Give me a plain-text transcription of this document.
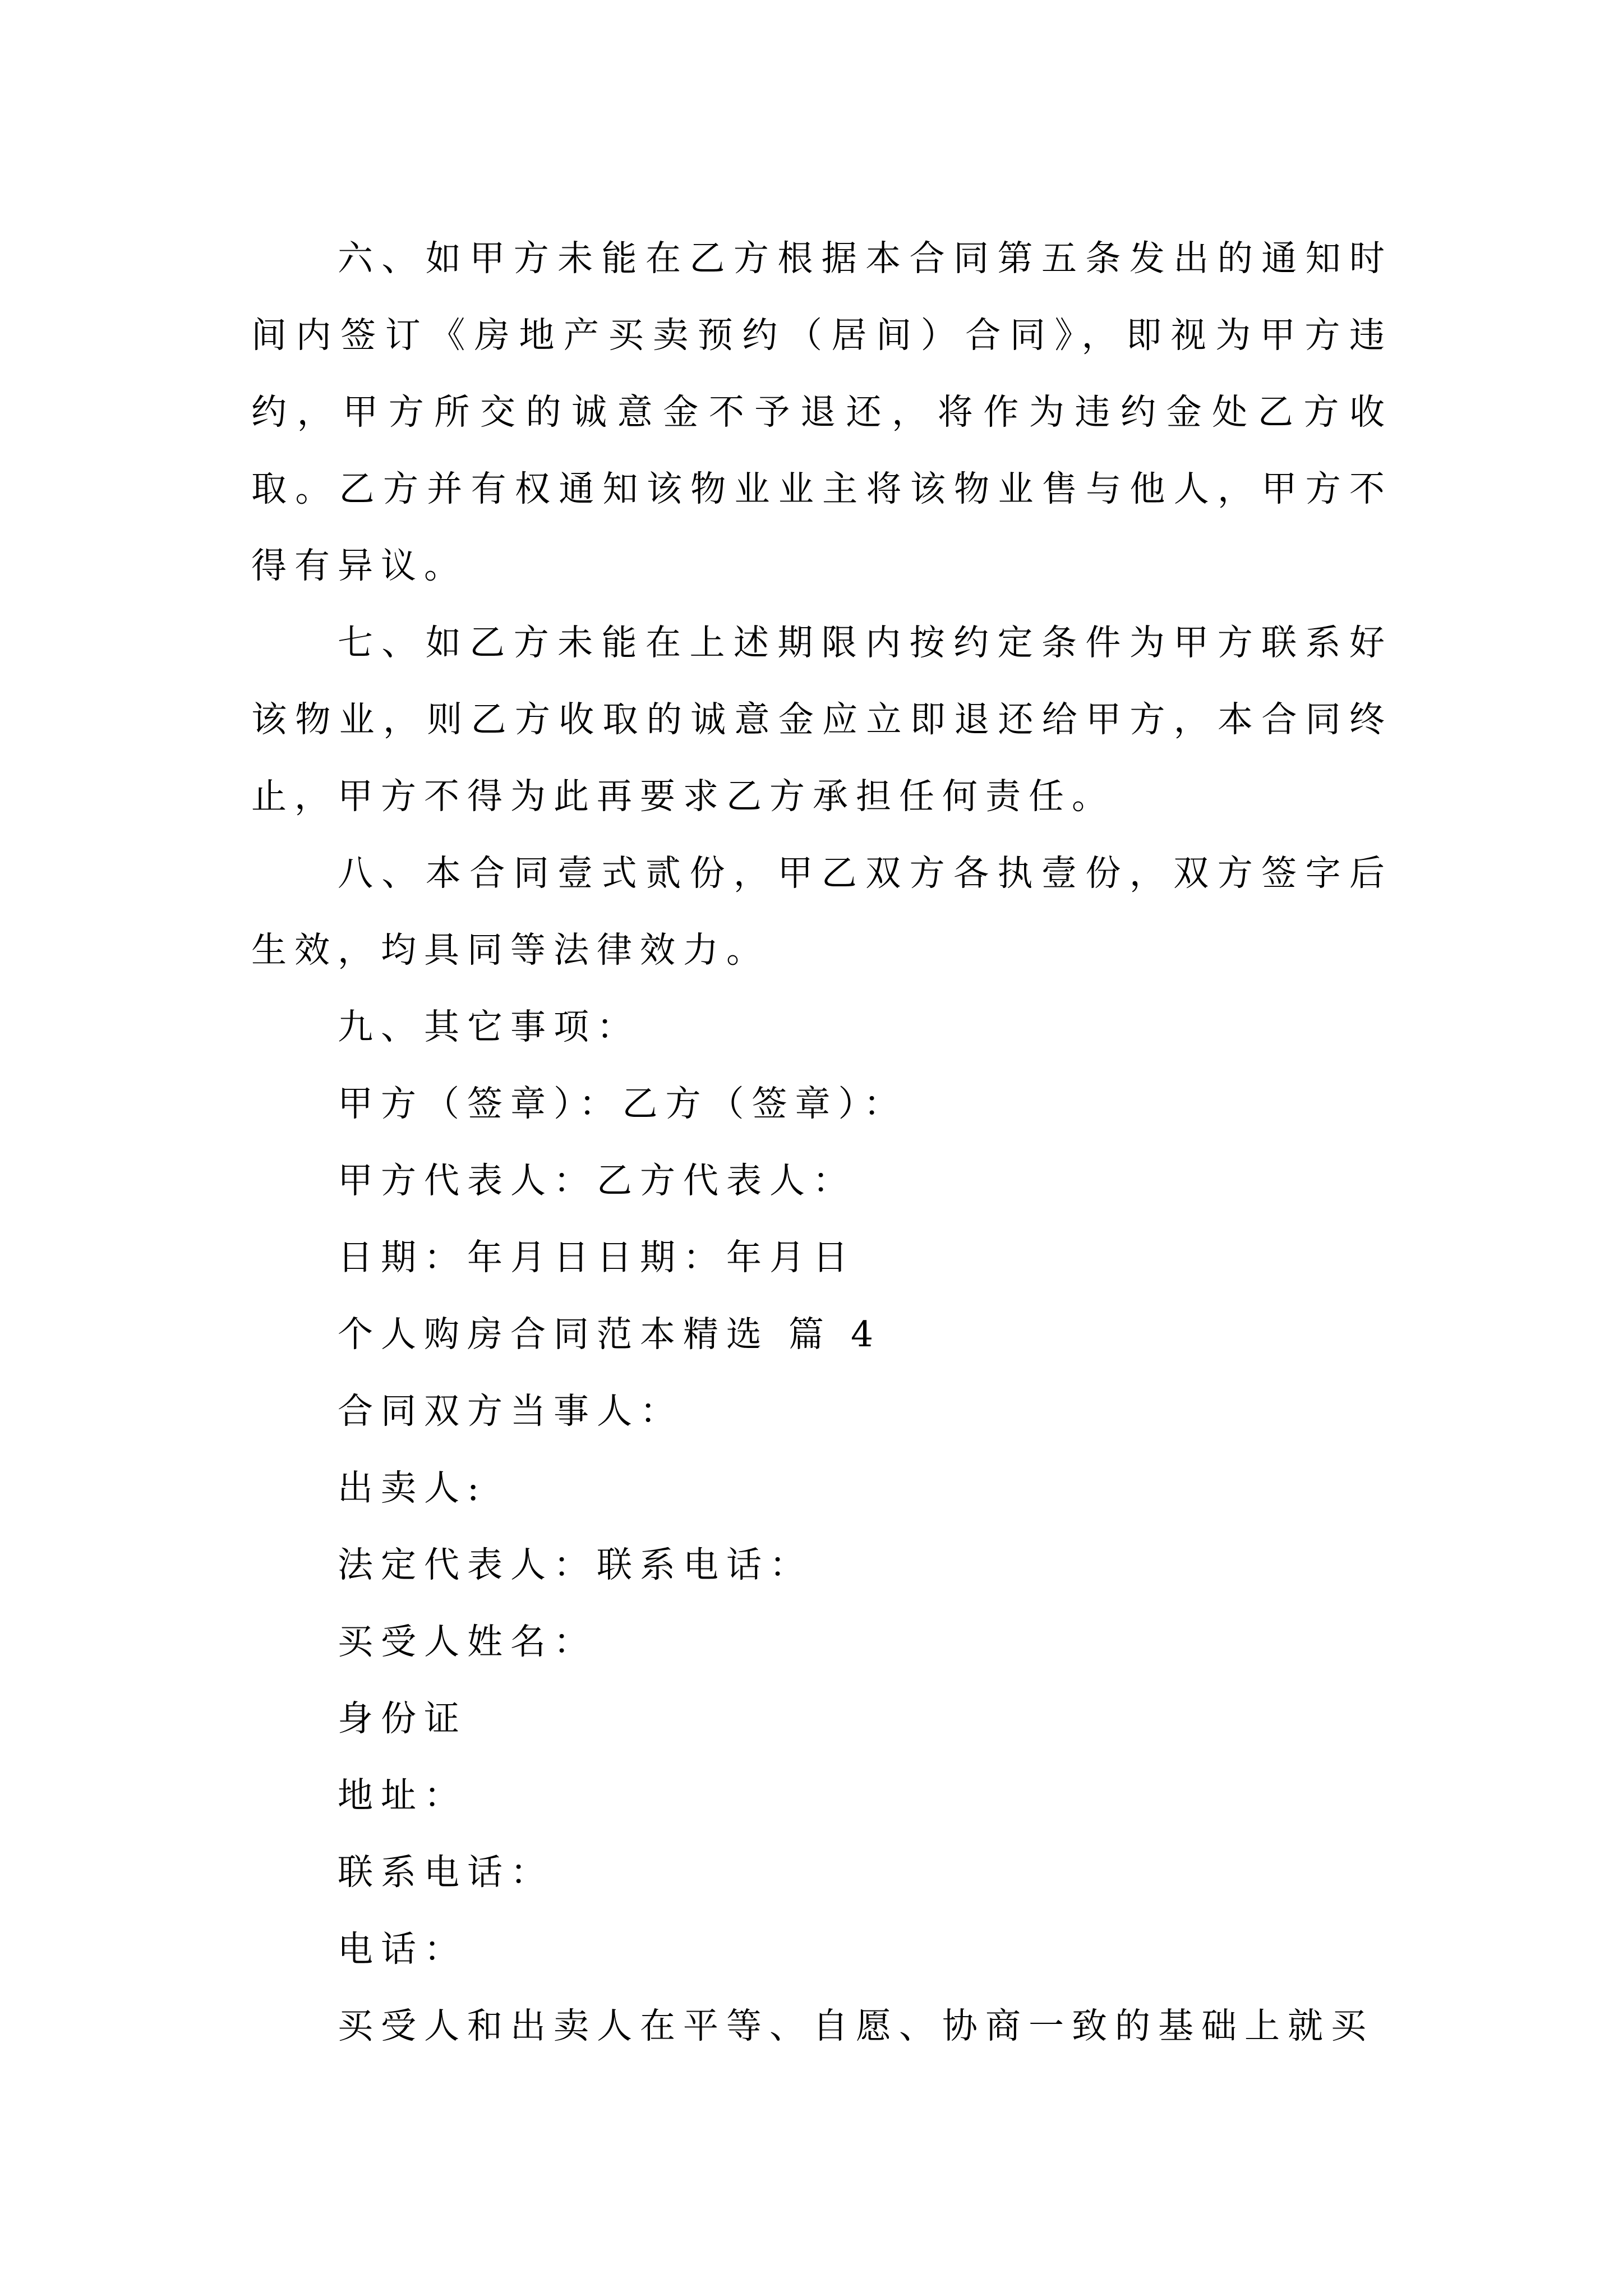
六、如甲方未能在乙方根据本合同第五条发出的通知时间内签订《房地产买卖预约（居间）合同》，即视为甲方违约，甲方所交的诚意金不予退还，将作为违约金处乙方收取。乙方并有权通知该物业业主将该物业售与他人，甲方不得有异议。

七、如乙方未能在上述期限内按约定条件为甲方联系好该物业，则乙方收取的诚意金应立即退还给甲方，本合同终止，甲方不得为此再要求乙方承担任何责任。

八、本合同壹式贰份，甲乙双方各执壹份，双方签字后生效，均具同等法律效力。

九、其它事项：
甲方（签章）：乙方（签章）：
甲方代表人：乙方代表人：
日期：年月日日期：年月日
个人购房合同范本精选 篇 4
合同双方当事人：
出卖人:
法定代表人：联系电话：
买受人姓名：
身份证
地址：
联系电话：
电话：
买受人和出卖人在平等、自愿、协商一致的基础上就买
